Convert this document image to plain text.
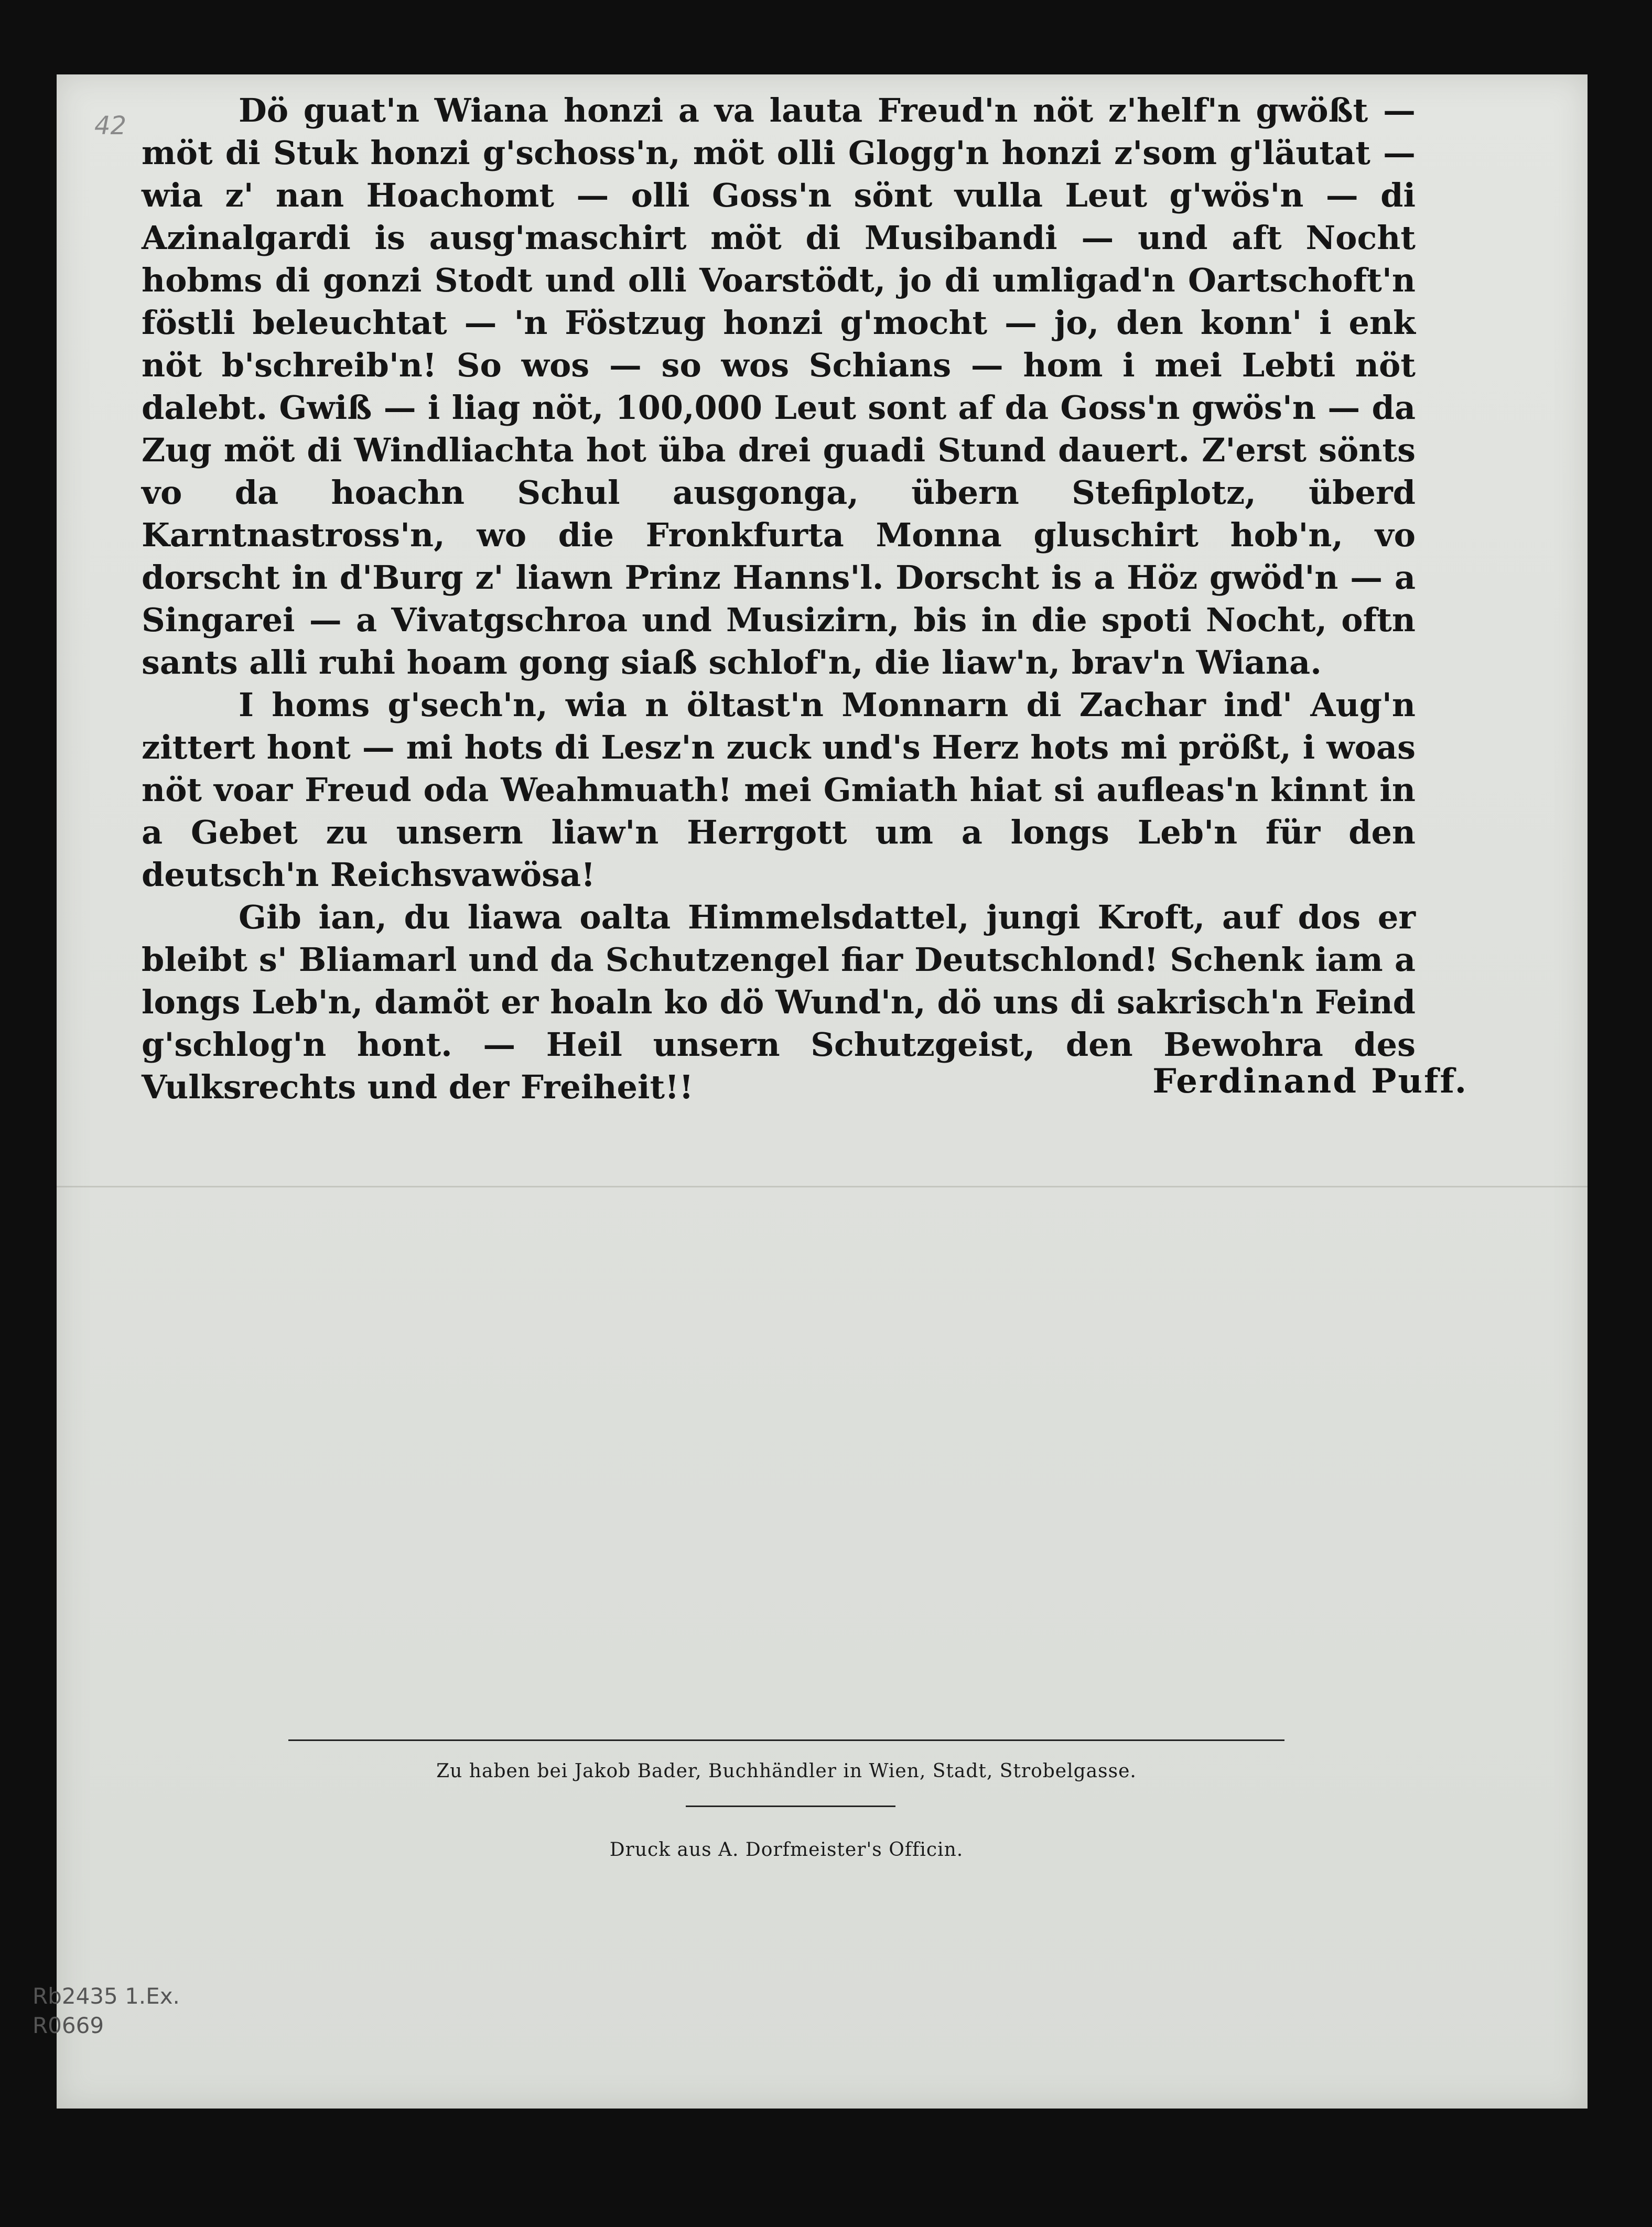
42	Dö guat'n Wiana honzi a va lauta Freud'n nöt z'helf'n gwößt — möt di Stuk honzi g'schoss'n, möt olli Glogg'n honzi z'som g'läutat — wia z' nan Hoachomt — olli Goss'n sönt vulla Leut g'wös'n — di Azinalgardi is ausg'maschirt möt di Musibandi — und aft Nocht hobms di gonzi Stodt und olli Voarstödt, jo di umligad'n Oartschoft'n föstli beleuchtat — 'n Föstzug honzi g'mocht — jo, den konn' i enk nöt b'schreib'n! So wos — so wos Schians — hom i mei Lebti nöt dalebt. Gwiß — i liag nöt, 100,000 Leut sont af da Goss'n gwös'n — da Zug möt di Windliachta hot üba drei guadi Stund dauert. Z'erst sönts vo da hoachn Schul ausgonga, übern Stefiplotz, überd Karntnastross'n, wo die Fronkfurta Monna gluschirt hob'n, vo dorscht in d'Burg z' liawn Prinz Hanns'l. Dorscht is a Höz gwöd'n — a Singarei — a Vivatgschroa und Musizirn, bis in die spoti Nocht, oftn sants alli ruhi hoam gong siaß schlof'n, die liaw'n, brav'n Wiana.

I homs g'sech'n, wia n öltast'n Monnarn di Zachar ind' Aug'n zittert hont — mi hots di Lesz'n zuck und's Herz hots mi prößt, i woas nöt voar Freud oda Weahmuath! mei Gmiath hiat si aufleas'n kinnt in a Gebet zu unsern liaw'n Herrgott um a longs Leb'n für den deutsch'n Reichsvawösa!

Gib ian, du liawa oalta Himmelsdattel, jungi Kroft, auf dos er bleibt s' Bliamarl und da Schutzengel fiar Deutschlond! Schenk iam a longs Leb'n, damöt er hoaln ko dö Wund'n, dö uns di sakrisch'n Feind g'schlog'n hont. — Heil unsern Schutzgeist, den Bewohra des Vulksrechts und der Freiheit!!	Ferdinand Puff.
Zu haben bei Jakob Bader, Buchhändler in Wien, Stadt, Strobelgasse.
Druck aus A. Dorfmeister's Officin.
Rb2435 1.Ex.
R0669
